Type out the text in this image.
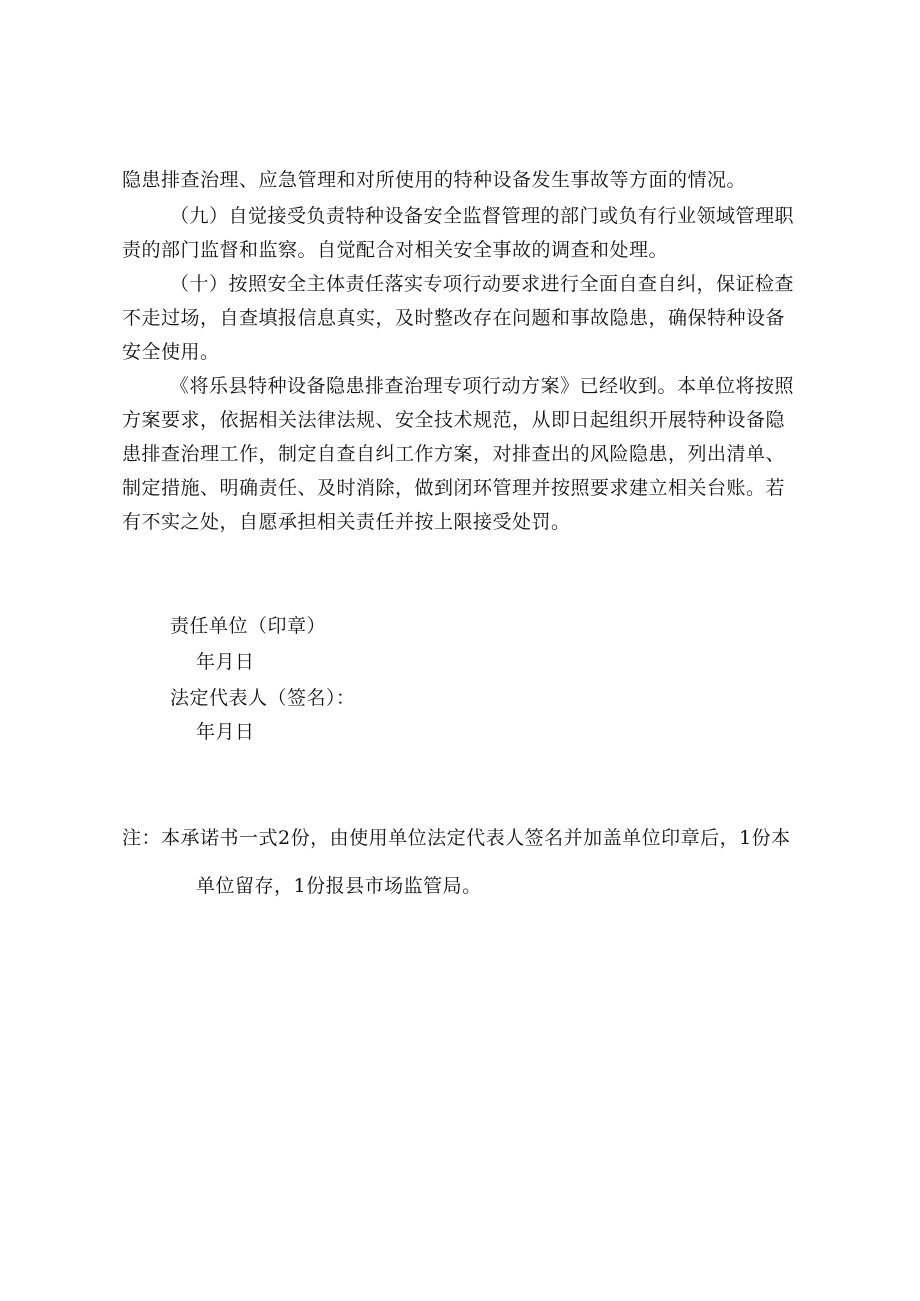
隐患排查治理、应急管理和对所使用的特种设备发生事故等方面的情况。
（九）自觉接受负责特种设备安全监督管理的部门或负有行业领域管理职
责的部门监督和监察。自觉配合对相关安全事故的调查和处理。
（十）按照安全主体责任落实专项行动要求进行全面自查自纠，保证检查
不走过场，自查填报信息真实，及时整改存在问题和事故隐患，确保特种设备
安全使用。
《将乐县特种设备隐患排查治理专项行动方案》已经收到。本单位将按照
方案要求，依据相关法律法规、安全技术规范，从即日起组织开展特种设备隐
患排查治理工作，制定自查自纠工作方案，对排查出的风险隐患，列出清单、
制定措施、明确责任、及时消除，做到闭环管理并按照要求建立相关台账。若
有不实之处，自愿承担相关责任并按上限接受处罚。
责任单位（印章）
年月日
法定代表人（签名）：
年月日
注：本承诺书一式2份，由使用单位法定代表人签名并加盖单位印章后，1份本
单位留存，1份报县市场监管局。
